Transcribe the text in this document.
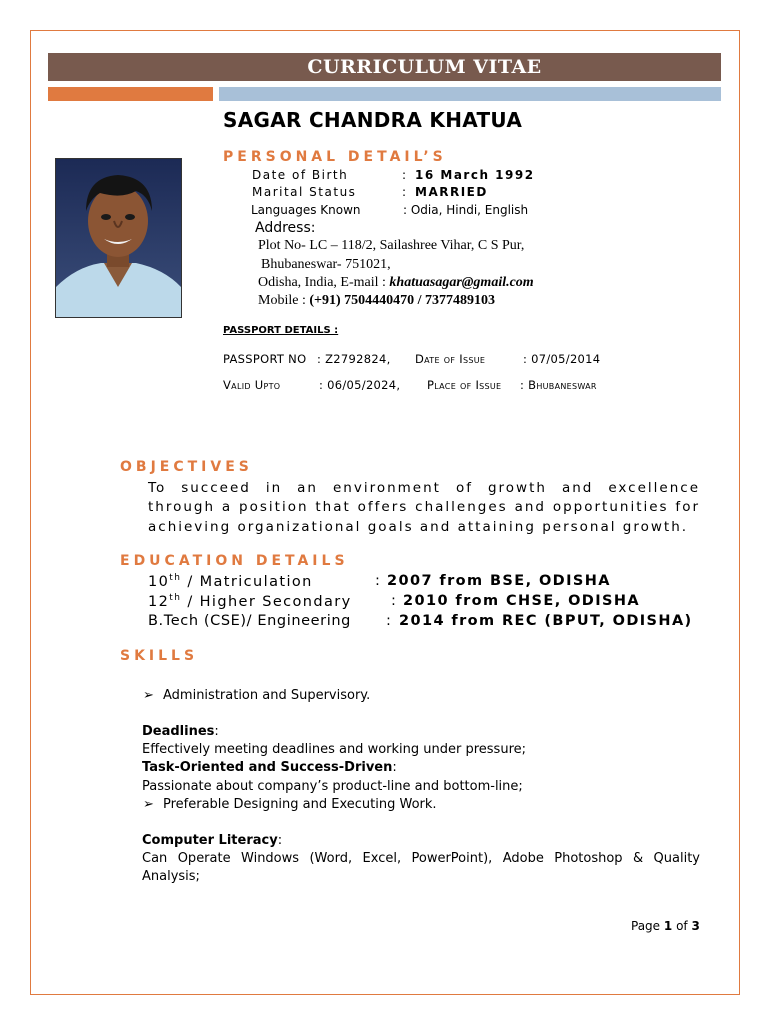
CURRICULUM VITAE
SAGAR CHANDRA KHATUA
PERSONAL DETAIL’S
Date of Birth	: 16 March 1992
Marital Status	: MARRIED
Languages Known	: Odia, Hindi, English
Address:
Plot No- LC – 118/2, Sailashree Vihar, C S Pur,
Bhubaneswar- 751021,
Odisha, India, E-mail : khatuasagar@gmail.com
Mobile : (+91) 7504440470 / 7377489103
PASSPORT DETAILS :
PASSPORT NO : Z2792824, Date of Issue	: 07/05/2014
Valid Upto	: 06/05/2024, Place of Issue : Bhubaneswar
OBJECTIVES
To succeed in an environment of growth and excellence
through a position that offers challenges and opportunities for
achieving organizational goals and attaining personal growth.
EDUCATION DETAILS
10th / Matriculation	: 2007 from BSE, ODISHA
12th / Higher Secondary	: 2010 from CHSE, ODISHA
B.Tech (CSE)/ Engineering : 2014 from REC (BPUT, ODISHA)
SKILLS
➢ Administration and Supervisory.
Deadlines:
Effectively meeting deadlines and working under pressure;
Task-Oriented and Success-Driven:
Passionate about company’s product-line and bottom-line;
➢ Preferable Designing and Executing Work.
Computer Literacy:
Can Operate Windows (Word, Excel, PowerPoint), Adobe Photoshop & Quality
Analysis;
Page 1 of 3
